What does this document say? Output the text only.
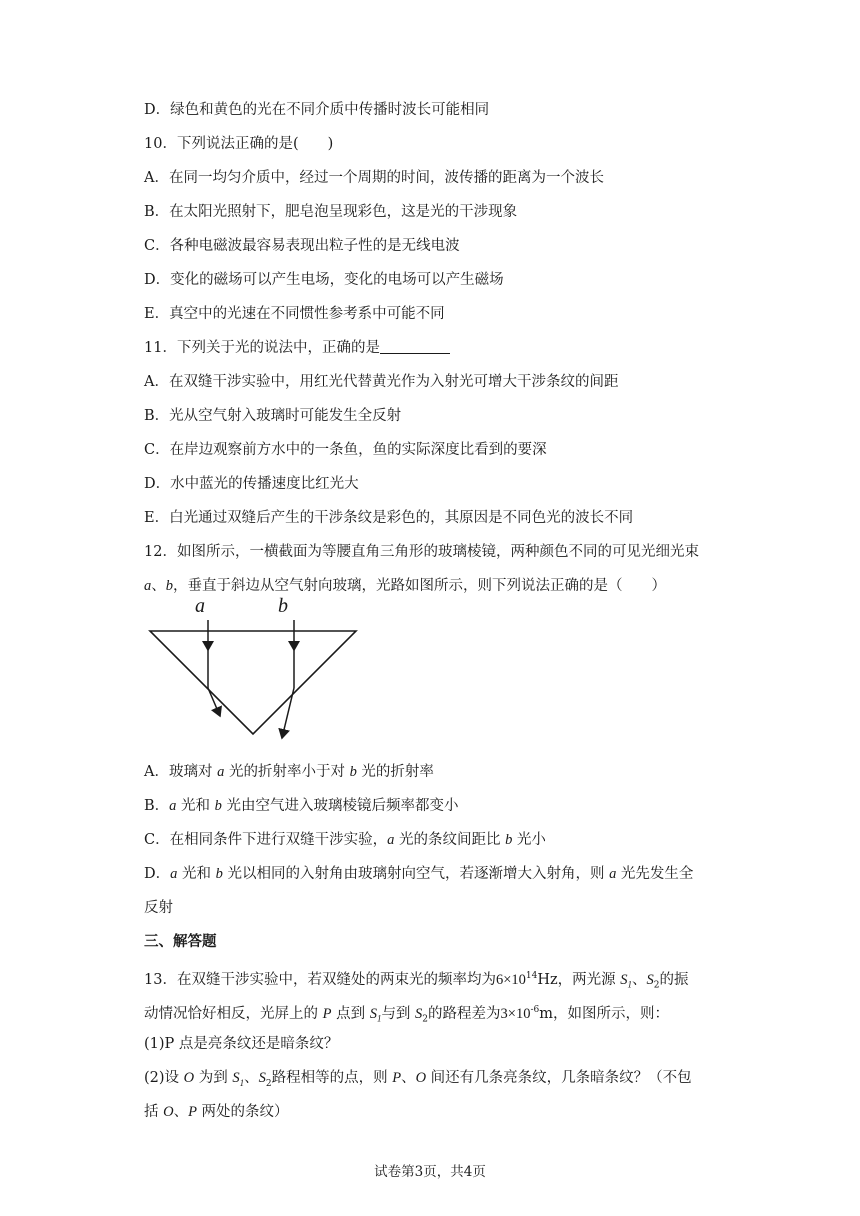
D．绿色和黄色的光在不同介质中传播时波长可能相同
10．下列说法正确的是(　　)
A．在同一均匀介质中，经过一个周期的时间，波传播的距离为一个波长
B．在太阳光照射下，肥皂泡呈现彩色，这是光的干涉现象
C．各种电磁波最容易表现出粒子性的是无线电波
D．变化的磁场可以产生电场，变化的电场可以产生磁场
E．真空中的光速在不同惯性参考系中可能不同
11．下列关于光的说法中，正确的是
A．在双缝干涉实验中，用红光代替黄光作为入射光可增大干涉条纹的间距
B．光从空气射入玻璃时可能发生全反射
C．在岸边观察前方水中的一条鱼，鱼的实际深度比看到的要深
D．水中蓝光的传播速度比红光大
E．白光通过双缝后产生的干涉条纹是彩色的，其原因是不同色光的波长不同
12．如图所示，一横截面为等腰直角三角形的玻璃棱镜，两种颜色不同的可见光细光束
a、b，垂直于斜边从空气射向玻璃，光路如图所示，则下列说法正确的是（　　）
a	b
A．玻璃对 a 光的折射率小于对 b 光的折射率
B．a 光和 b 光由空气进入玻璃棱镜后频率都变小
C．在相同条件下进行双缝干涉实验，a 光的条纹间距比 b 光小
D．a 光和 b 光以相同的入射角由玻璃射向空气，若逐渐增大入射角，则 a 光先发生全
反射
三、解答题
13．在双缝干涉实验中，若双缝处的两束光的频率均为$6\times 10^{14}Hz$，两光源 $S_1$、$S_2$的振
动情况恰好相反，光屏上的 P 点到 $S_1$与到 $S_2$的路程差为$3\times 10^{-6}m$，如图所示，则：
(1)P 点是亮条纹还是暗条纹？
(2)设 O 为到 $S_1$、$S_2$路程相等的点，则 P、O 间还有几条亮条纹，几条暗条纹？（不包
括 O、P 两处的条纹）
试卷第3页，共4页
